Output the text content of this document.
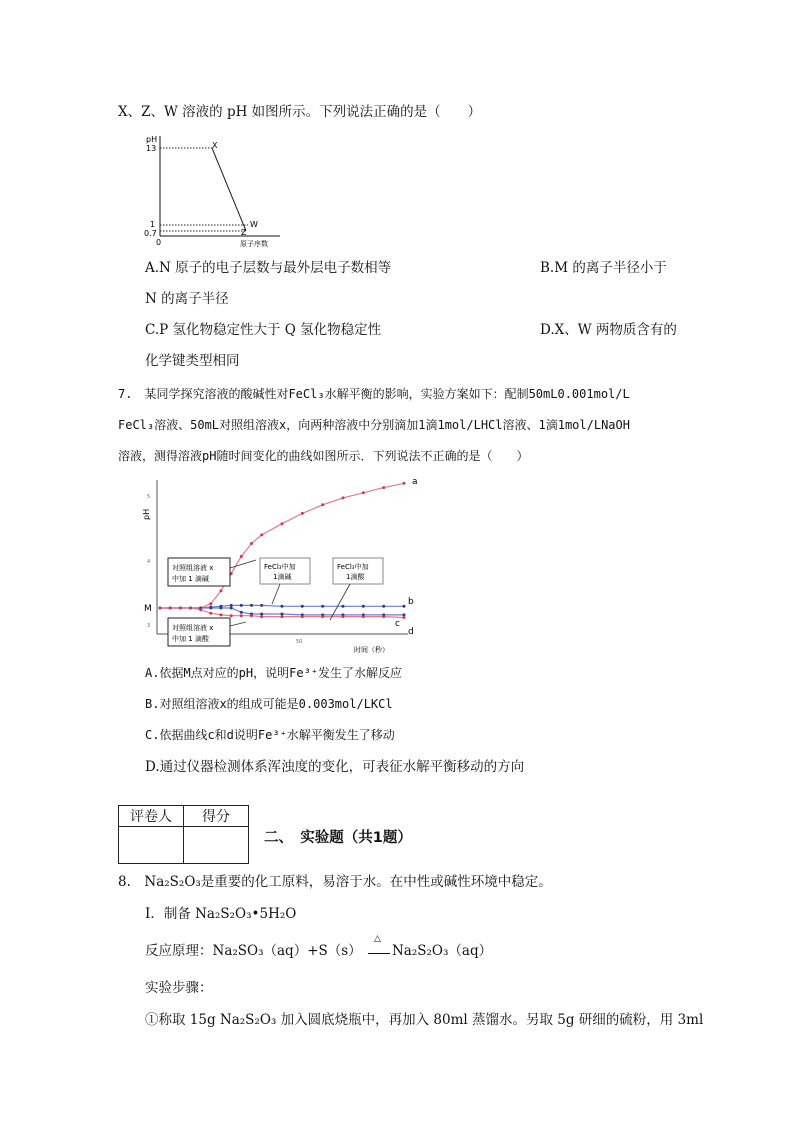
X、Z、W 溶液的 pH 如图所示。下列说法正确的是（　　）
pH
13
1
0.7
0
X
W
Z
原子序数
A.N 原子的电子层数与最外层电子数相等	B.M 的离子半径小于
N 的离子半径
C.P 氢化物稳定性大于 Q 氢化物稳定性	D.X、W 两物质含有的
化学键类型相同
7.　某同学探究溶液的酸碱性对FeCl₃水解平衡的影响，实验方案如下：配制50mL0.001mol/L
FeCl₃溶液、50mL对照组溶液x，向两种溶液中分别滴加1滴1mol/LHCl溶液、1滴1mol/LNaOH
溶液，测得溶液pH随时间变化的曲线如图所示．下列说法不正确的是（　　）
pH
M
5
4
3
50
时间（秒）
a
b
c
d
对照组溶液 x
中加 1 滴碱
FeCl₃中加
1滴碱
FeCl₃中加
1滴酸
对照组溶液 x
中加 1 滴酸
A.依据M点对应的pH，说明Fe³⁺发生了水解反应
B.对照组溶液x的组成可能是0.003mol/LKCl
C.依据曲线c和d说明Fe³⁺水解平衡发生了移动
D.通过仪器检测体系浑浊度的变化，可表征水解平衡移动的方向
评卷人	得分

二、　实验题（共1题）
8.　Na₂S₂O₃是重要的化工原料，易溶于水。在中性或碱性环境中稳定。
Ⅰ．制备 Na₂S₂O₃•5H₂O
反应原理：Na₂SO₃（aq）+S（s）
△
Na₂S₂O₃（aq）
实验步骤：
①称取 15g Na₂S₂O₃ 加入圆底烧瓶中，再加入 80ml 蒸馏水。另取 5g 研细的硫粉，用 3ml
